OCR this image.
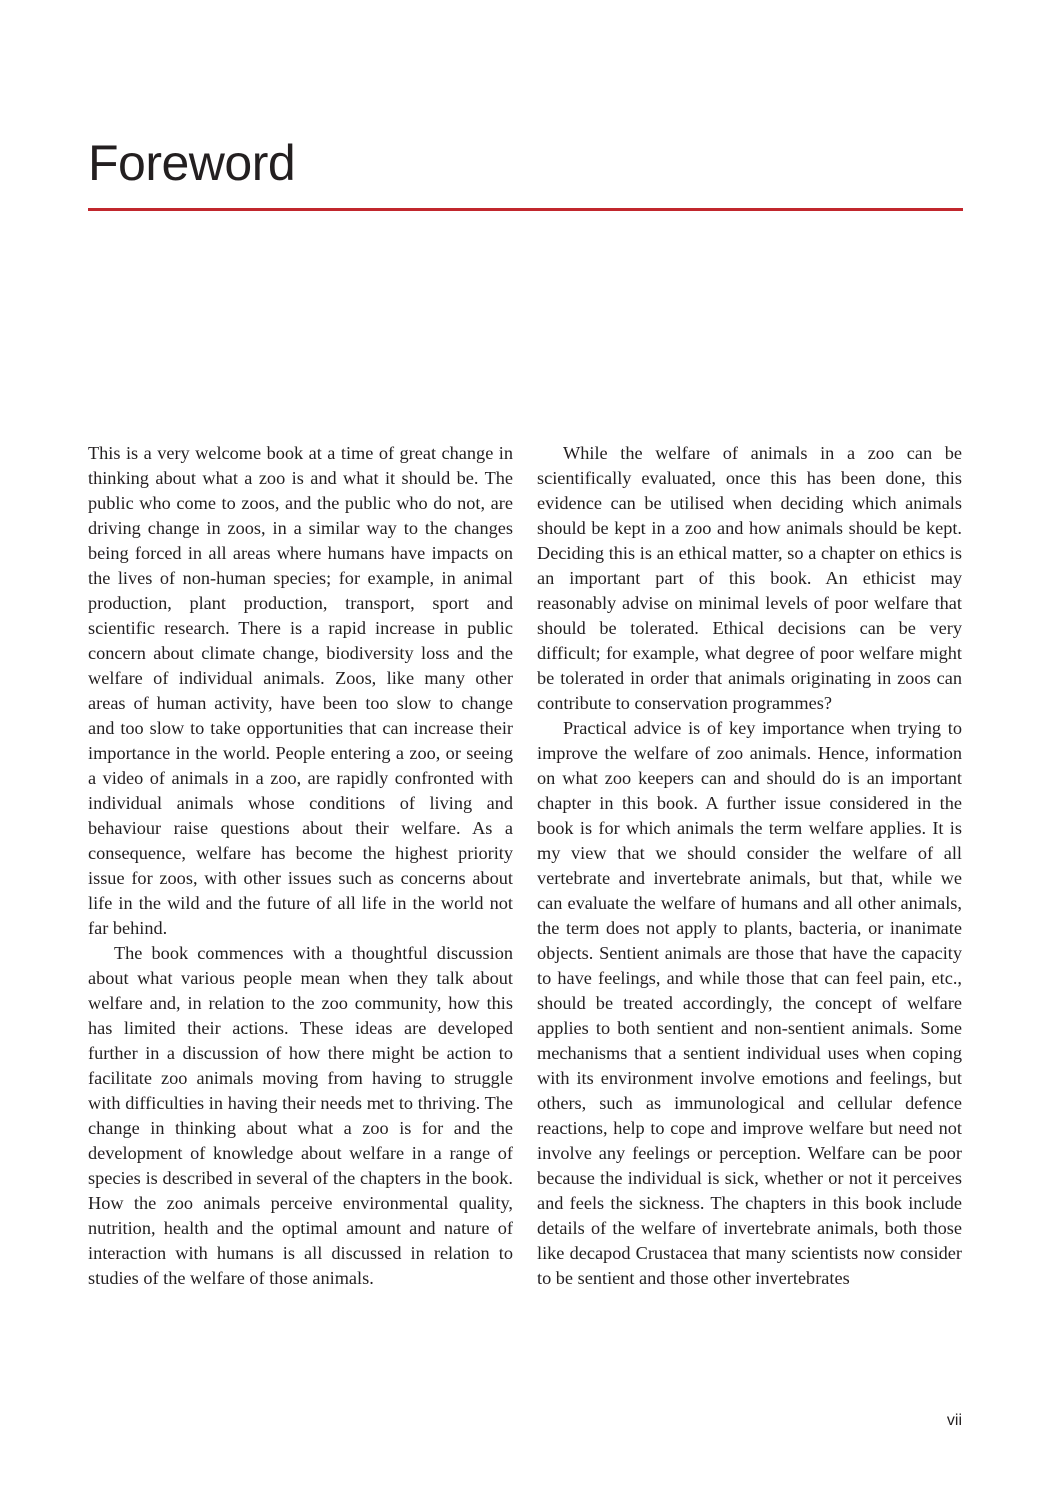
Foreword

This is a very welcome book at a time of great change in thinking about what a zoo is and what it should be. The public who come to zoos, and the public who do not, are driving change in zoos, in a similar way to the changes being forced in all areas where humans have impacts on the lives of non-human species; for example, in animal production, plant production, transport, sport and scientific research. There is a rapid increase in public concern about climate change, biodiversity loss and the welfare of individual animals. Zoos, like many other areas of human activity, have been too slow to change and too slow to take opportunities that can increase their importance in the world. People entering a zoo, or seeing a video of animals in a zoo, are rapidly confronted with individual animals whose conditions of living and behaviour raise questions about their welfare. As a consequence, welfare has become the highest priority issue for zoos, with other issues such as concerns about life in the wild and the future of all life in the world not far behind.

The book commences with a thoughtful discussion about what various people mean when they talk about welfare and, in relation to the zoo community, how this has limited their actions. These ideas are developed further in a discussion of how there might be action to facilitate zoo animals moving from having to struggle with difficulties in having their needs met to thriving. The change in thinking about what a zoo is for and the development of knowledge about welfare in a range of species is described in several of the chapters in the book. How the zoo animals perceive environmental quality, nutrition, health and the optimal amount and nature of interaction with humans is all discussed in relation to studies of the welfare of those animals.

While the welfare of animals in a zoo can be scientifically evaluated, once this has been done, this evidence can be utilised when deciding which animals should be kept in a zoo and how animals should be kept. Deciding this is an ethical matter, so a chapter on ethics is an important part of this book. An ethicist may reasonably advise on minimal levels of poor welfare that should be tolerated. Ethical decisions can be very difficult; for example, what degree of poor welfare might be tolerated in order that animals originating in zoos can contribute to conservation programmes?

Practical advice is of key importance when trying to improve the welfare of zoo animals. Hence, information on what zoo keepers can and should do is an important chapter in this book. A further issue considered in the book is for which animals the term welfare applies. It is my view that we should consider the welfare of all vertebrate and invertebrate animals, but that, while we can evaluate the welfare of humans and all other animals, the term does not apply to plants, bacteria, or inanimate objects. Sentient animals are those that have the capacity to have feelings, and while those that can feel pain, etc., should be treated accordingly, the concept of welfare applies to both sentient and non-sentient animals. Some mechanisms that a sentient individual uses when coping with its environment involve emotions and feelings, but others, such as immunological and cellular defence reactions, help to cope and improve welfare but need not involve any feelings or perception. Welfare can be poor because the individual is sick, whether or not it perceives and feels the sickness. The chapters in this book include details of the welfare of invertebrate animals, both those like decapod Crustacea that many scientists now consider to be sentient and those other invertebrates

vii
